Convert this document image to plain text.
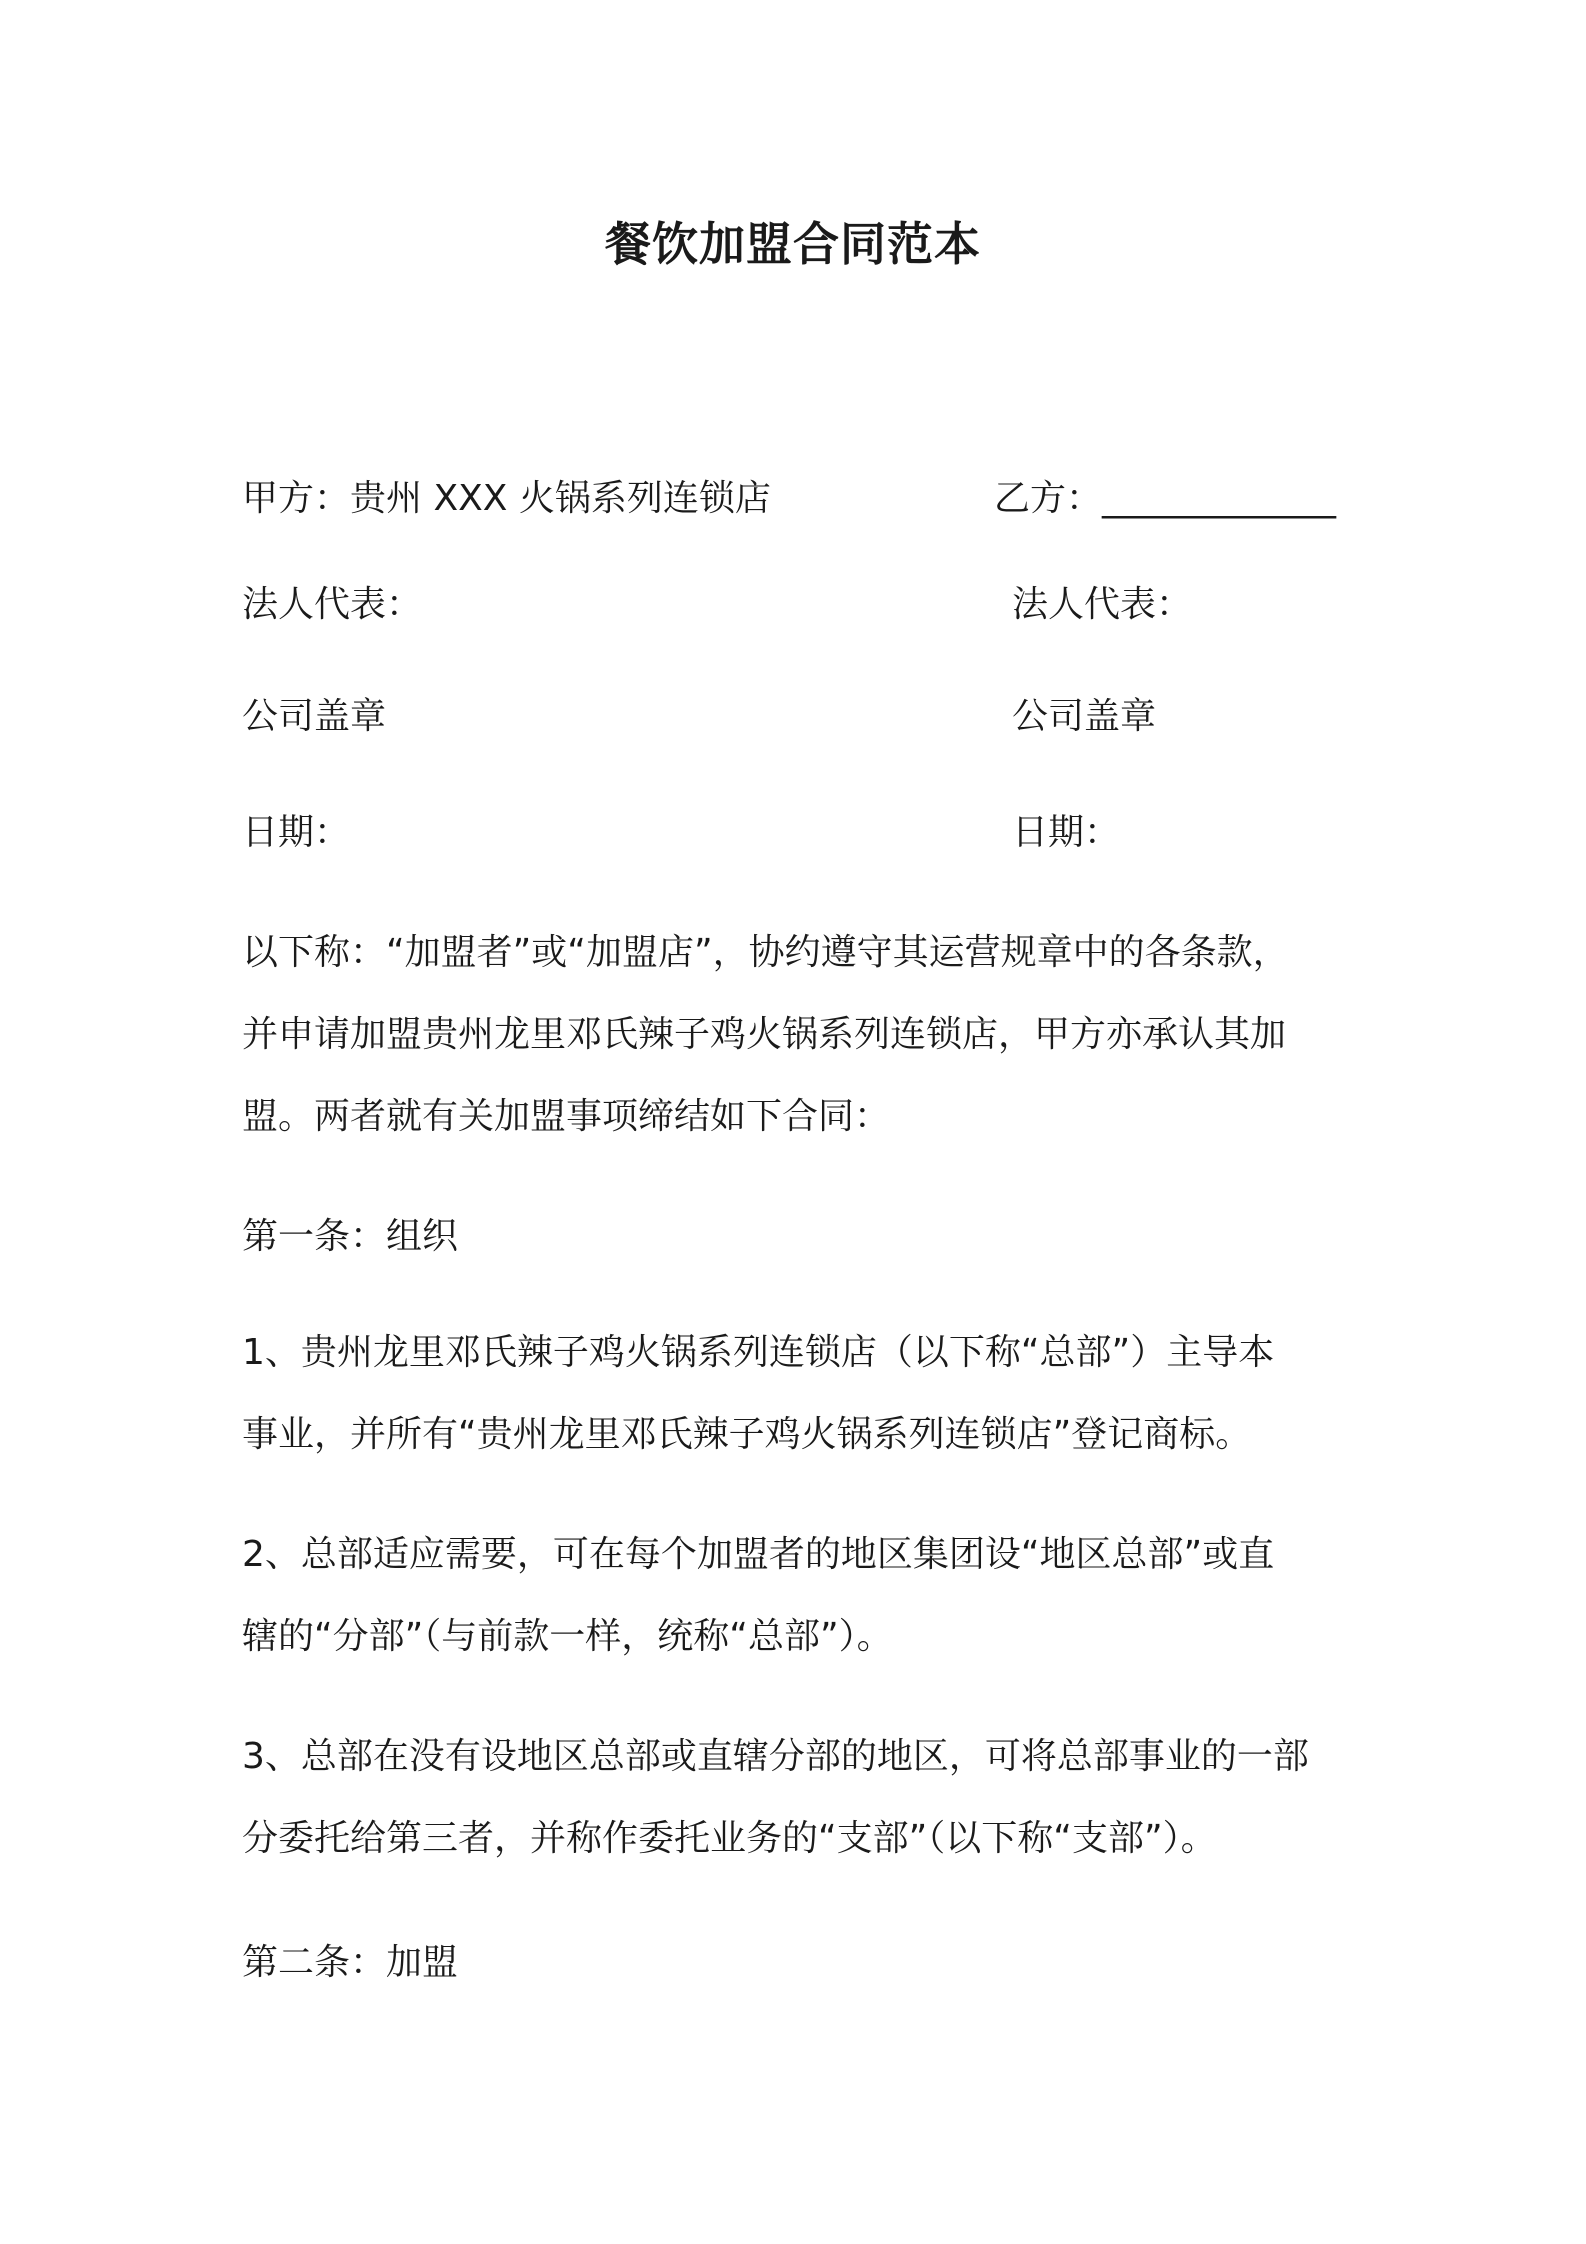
餐饮加盟合同范本
甲方：贵州 XXX 火锅系列连锁店	乙方：_____________
法人代表：	法人代表：
公司盖章	公司盖章
日期：	日期：
以下称：“加盟者”或“加盟店”，协约遵守其运营规章中的各条款，
并申请加盟贵州龙里邓氏辣子鸡火锅系列连锁店，甲方亦承认其加
盟。两者就有关加盟事项缔结如下合同：
第一条：组织
1、贵州龙里邓氏辣子鸡火锅系列连锁店（以下称“总部”）主导本
事业，并所有“贵州龙里邓氏辣子鸡火锅系列连锁店”登记商标。
2、总部适应需要，可在每个加盟者的地区集团设“地区总部”或直
辖的“分部”（与前款一样，统称“总部”）。
3、总部在没有设地区总部或直辖分部的地区，可将总部事业的一部
分委托给第三者，并称作委托业务的“支部”（以下称“支部”）。
第二条：加盟
